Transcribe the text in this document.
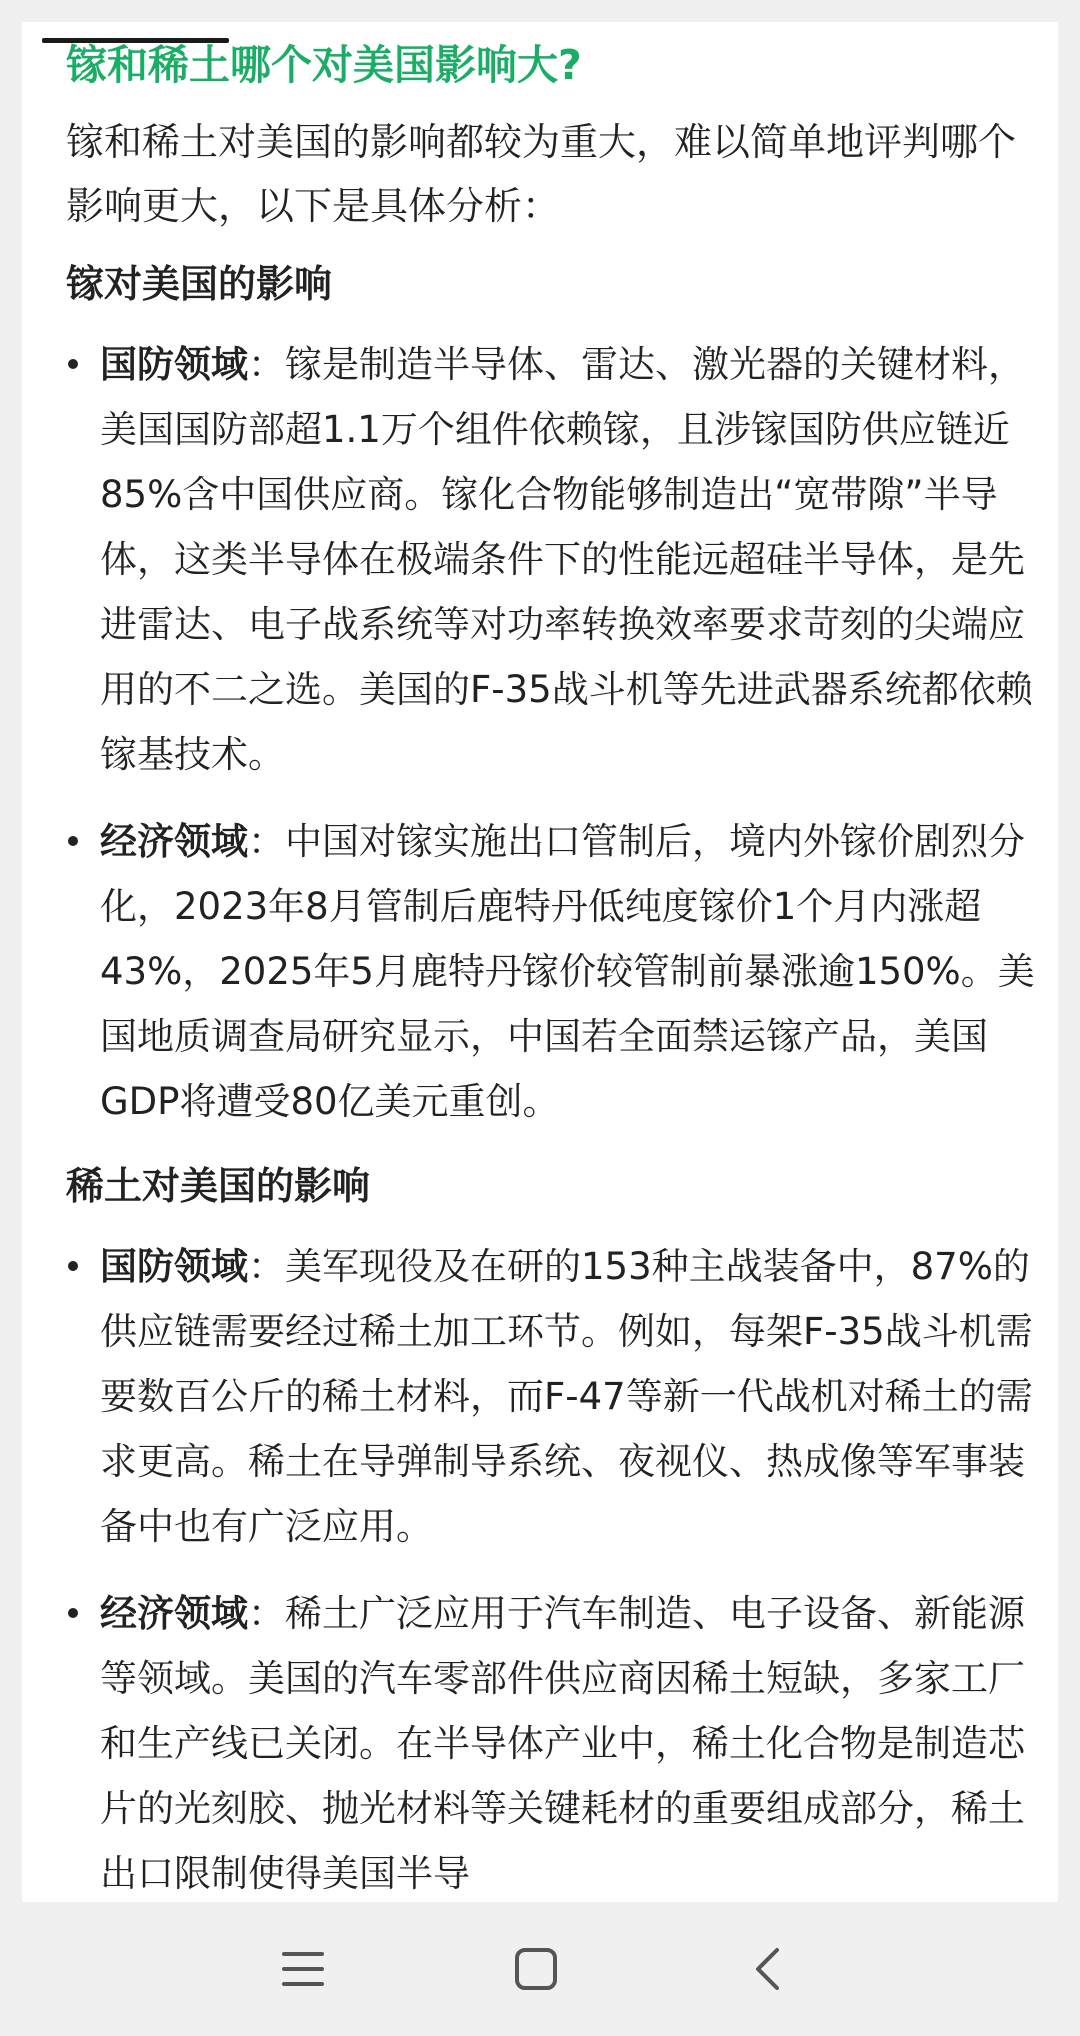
镓和稀土哪个对美国影响大?

镓和稀土对美国的影响都较为重大，难以简单地评判哪个影响更大，以下是具体分析：

镓对美国的影响
国防领域：镓是制造半导体、雷达、激光器的关键材料，美国国防部超1.1万个组件依赖镓，且涉镓国防供应链近85%含中国供应商。镓化合物能够制造出“宽带隙”半导体，这类半导体在极端条件下的性能远超硅半导体，是先进雷达、电子战系统等对功率转换效率要求苛刻的尖端应用的不二之选。美国的F-35战斗机等先进武器系统都依赖镓基技术。
经济领域：中国对镓实施出口管制后，境内外镓价剧烈分化，2023年8月管制后鹿特丹低纯度镓价1个月内涨超43%，2025年5月鹿特丹镓价较管制前暴涨逾150%。美国地质调查局研究显示，中国若全面禁运镓产品，美国GDP将遭受80亿美元重创。
稀土对美国的影响
国防领域：美军现役及在研的153种主战装备中，87%的供应链需要经过稀土加工环节。例如，每架F-35战斗机需要数百公斤的稀土材料，而F-47等新一代战机对稀土的需求更高。稀土在导弹制导系统、夜视仪、热成像等军事装备中也有广泛应用。
经济领域：稀土广泛应用于汽车制造、电子设备、新能源等领域。美国的汽车零部件供应商因稀土短缺，多家工厂和生产线已关闭。在半导体产业中，稀土化合物是制造芯片的光刻胶、抛光材料等关键耗材的重要组成部分，稀土出口限制使得美国半导
